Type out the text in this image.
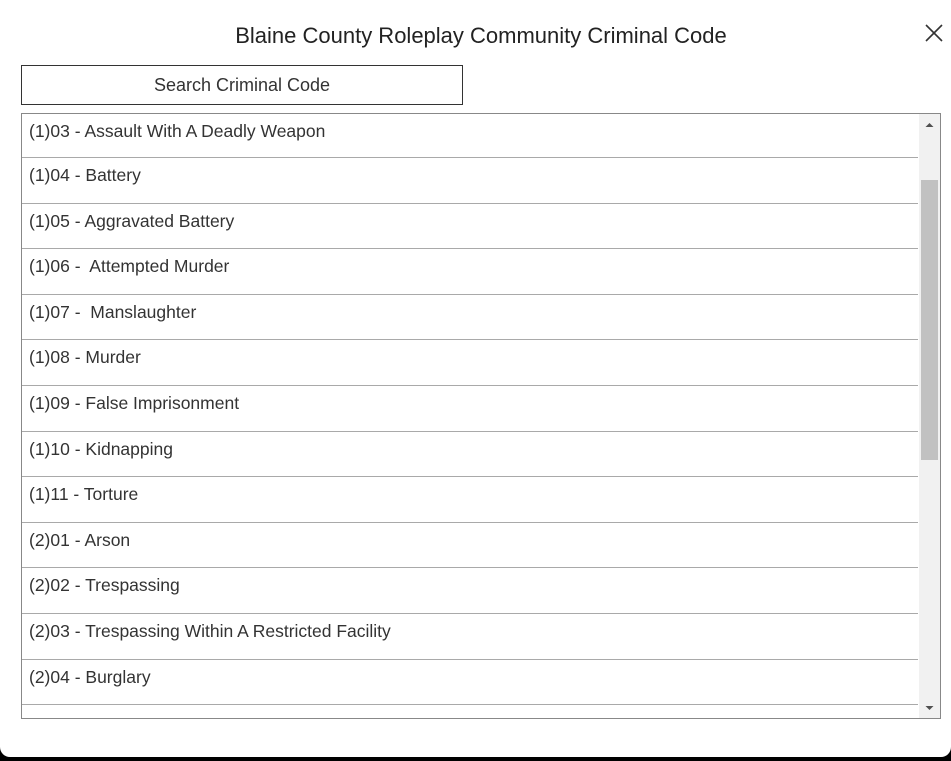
Blaine County Roleplay Community Criminal Code
Search Criminal Code
(1)03 - Assault With A Deadly Weapon
(1)04 - Battery
(1)05 - Aggravated Battery
(1)06 -  Attempted Murder
(1)07 -  Manslaughter
(1)08 - Murder
(1)09 - False Imprisonment
(1)10 - Kidnapping
(1)11 - Torture
(2)01 - Arson
(2)02 - Trespassing
(2)03 - Trespassing Within A Restricted Facility
(2)04 - Burglary
